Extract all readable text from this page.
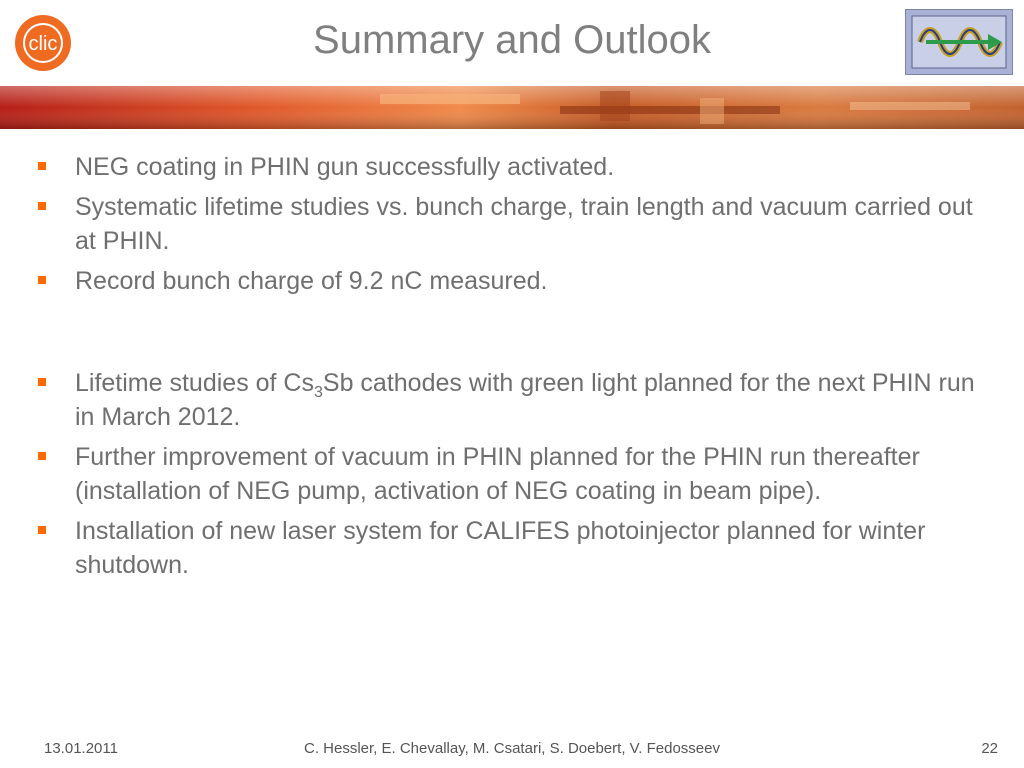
clic	Summary and Outlook
NEG coating in PHIN gun successfully activated.
Systematic lifetime studies vs. bunch charge, train length and vacuum carried out at PHIN.
Record bunch charge of 9.2 nC measured.
Lifetime studies of $Cs_3Sb$ cathodes with green light planned for the next PHIN run in March 2012.
Further improvement of vacuum in PHIN planned for the PHIN run thereafter (installation of NEG pump, activation of NEG coating in beam pipe).
Installation of new laser system for CALIFES photoinjector planned for winter shutdown.
13.01.2011	C. Hessler, E. Chevallay, M. Csatari, S. Doebert, V. Fedosseev	22
